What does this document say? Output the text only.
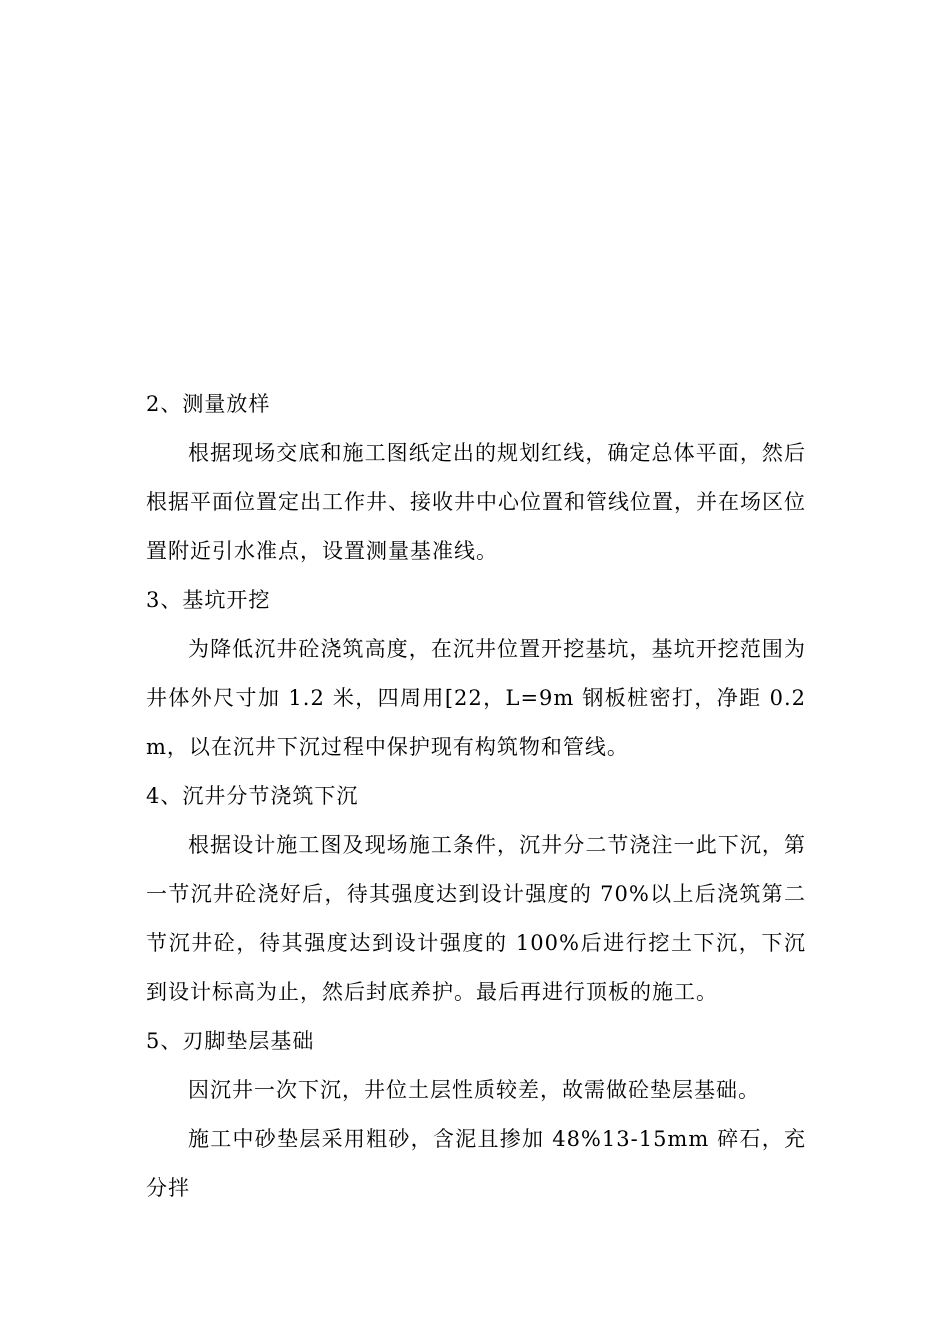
2、测量放样

根据现场交底和施工图纸定出的规划红线，确定总体平面，然后根据平面位置定出工作井、接收井中心位置和管线位置，并在场区位置附近引水准点，设置测量基准线。

3、基坑开挖

为降低沉井砼浇筑高度，在沉井位置开挖基坑，基坑开挖范围为井体外尺寸加 1.2 米，四周用[22，L=9m 钢板桩密打，净距 0.2m，以在沉井下沉过程中保护现有构筑物和管线。

4、沉井分节浇筑下沉

根据设计施工图及现场施工条件，沉井分二节浇注一此下沉，第一节沉井砼浇好后，待其强度达到设计强度的 70%以上后浇筑第二节沉井砼，待其强度达到设计强度的 100%后进行挖土下沉，下沉到设计标高为止，然后封底养护。最后再进行顶板的施工。

5、刃脚垫层基础

因沉井一次下沉，井位土层性质较差，故需做砼垫层基础。

施工中砂垫层采用粗砂，含泥且掺加 48%13-15mm 碎石，充分拌
